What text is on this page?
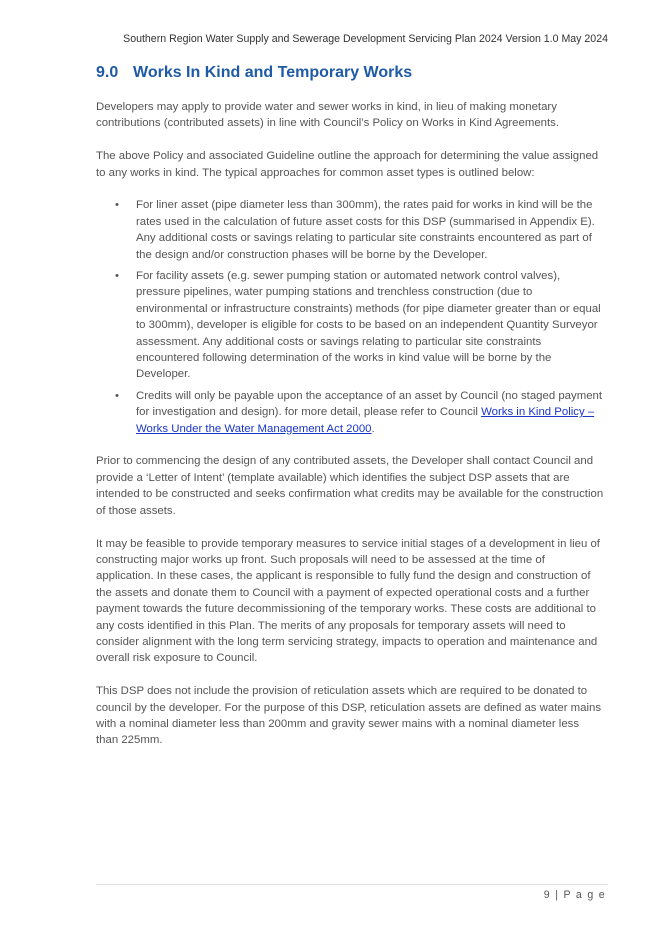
Southern Region Water Supply and Sewerage Development Servicing Plan 2024 Version 1.0 May 2024
9.0 Works In Kind and Temporary Works

Developers may apply to provide water and sewer works in kind, in lieu of making monetary contributions (contributed assets) in line with Council’s Policy on Works in Kind Agreements.

The above Policy and associated Guideline outline the approach for determining the value assigned to any works in kind. The typical approaches for common asset types is outlined below:

• For liner asset (pipe diameter less than 300mm), the rates paid for works in kind will be the rates used in the calculation of future asset costs for this DSP (summarised in Appendix E). Any additional costs or savings relating to particular site constraints encountered as part of the design and/or construction phases will be borne by the Developer.
• For facility assets (e.g. sewer pumping station or automated network control valves), pressure pipelines, water pumping stations and trenchless construction (due to environmental or infrastructure constraints) methods (for pipe diameter greater than or equal to 300mm), developer is eligible for costs to be based on an independent Quantity Surveyor assessment. Any additional costs or savings relating to particular site constraints encountered following determination of the works in kind value will be borne by the Developer.
• Credits will only be payable upon the acceptance of an asset by Council (no staged payment for investigation and design). for more detail, please refer to Council Works in Kind Policy – Works Under the Water Management Act 2000.

Prior to commencing the design of any contributed assets, the Developer shall contact Council and provide a ‘Letter of Intent’ (template available) which identifies the subject DSP assets that are intended to be constructed and seeks confirmation what credits may be available for the construction of those assets.

It may be feasible to provide temporary measures to service initial stages of a development in lieu of constructing major works up front. Such proposals will need to be assessed at the time of application. In these cases, the applicant is responsible to fully fund the design and construction of the assets and donate them to Council with a payment of expected operational costs and a further payment towards the future decommissioning of the temporary works. These costs are additional to any costs identified in this Plan. The merits of any proposals for temporary assets will need to consider alignment with the long term servicing strategy, impacts to operation and maintenance and overall risk exposure to Council.

This DSP does not include the provision of reticulation assets which are required to be donated to council by the developer. For the purpose of this DSP, reticulation assets are defined as water mains with a nominal diameter less than 200mm and gravity sewer mains with a nominal diameter less than 225mm.

9 | P a g e
